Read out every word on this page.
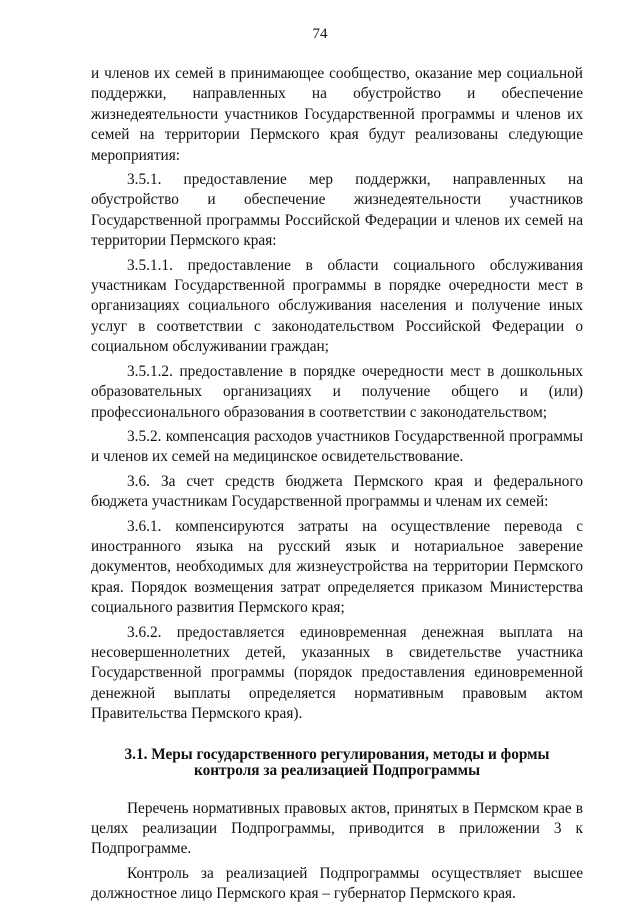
74

и членов их семей в принимающее сообщество, оказание мер социальной поддержки, направленных на обустройство и обеспечение жизнедеятельности участников Государственной программы и членов их семей на территории Пермского края будут реализованы следующие мероприятия:

3.5.1. предоставление мер поддержки, направленных на обустройство и обеспечение жизнедеятельности участников Государственной программы Российской Федерации и членов их семей на территории Пермского края:

3.5.1.1. предоставление в области социального обслуживания участникам Государственной программы в порядке очередности мест в организациях социального обслуживания населения и получение иных услуг в соответствии с законодательством Российской Федерации о социальном обслуживании граждан;

3.5.1.2. предоставление в порядке очередности мест в дошкольных образовательных организациях и получение общего и (или) профессионального образования в соответствии с законодательством;

3.5.2. компенсация расходов участников Государственной программы и членов их семей на медицинское освидетельствование.

3.6. За счет средств бюджета Пермского края и федерального бюджета участникам Государственной программы и членам их семей:

3.6.1. компенсируются затраты на осуществление перевода с иностранного языка на русский язык и нотариальное заверение документов, необходимых для жизнеустройства на территории Пермского края. Порядок возмещения затрат определяется приказом Министерства социального развития Пермского края;

3.6.2. предоставляется единовременная денежная выплата на несовершеннолетних детей, указанных в свидетельстве участника Государственной программы (порядок предоставления единовременной денежной выплаты определяется нормативным правовым актом Правительства Пермского края).

3.1. Меры государственного регулирования, методы и формы
контроля за реализацией Подпрограммы

Перечень нормативных правовых актов, принятых в Пермском крае в целях реализации Подпрограммы, приводится в приложении 3 к Подпрограмме.

Контроль за реализацией Подпрограммы осуществляет высшее должностное лицо Пермского края – губернатор Пермского края.
